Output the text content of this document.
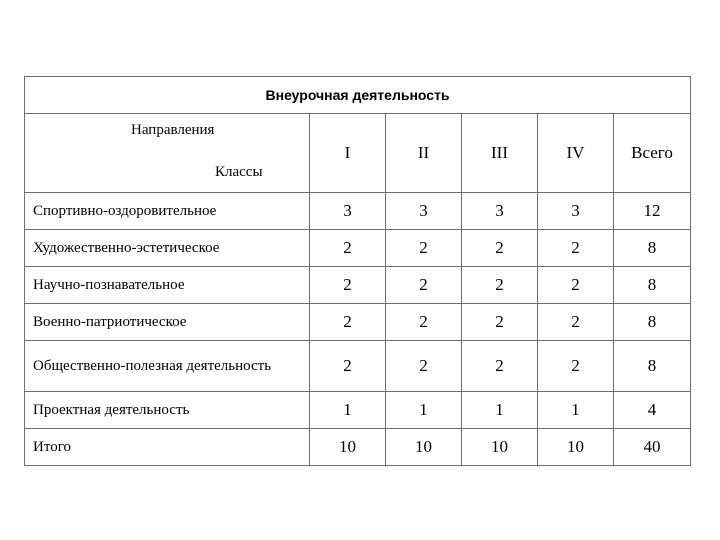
Внеурочная деятельность					

Направления
Классы	I	II	III	IV	Всего
Спортивно-оздоровительное	3	3	3	3	12
Художественно-эстетическое	2	2	2	2	8
Научно-познавательное	2	2	2	2	8
Военно-патриотическое	2	2	2	2	8
Общественно-полезная деятельность	2	2	2	2	8
Проектная деятельность	1	1	1	1	4
Итого	10	10	10	10	40
